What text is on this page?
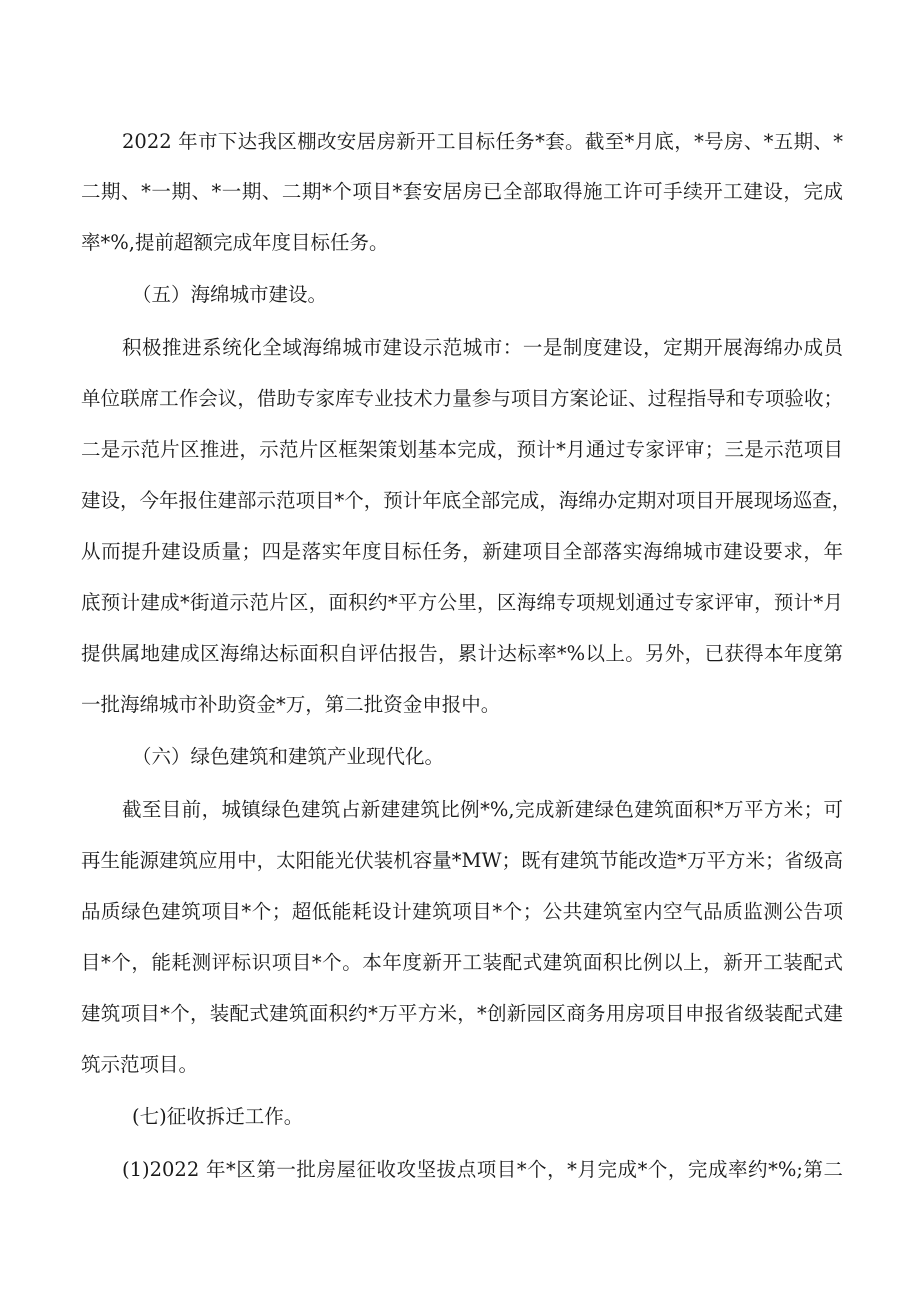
2022 年市下达我区棚改安居房新开工目标任务*套。截至*月底，*号房、*五期、*
二期、*一期、*一期、二期*个项目*套安居房已全部取得施工许可手续开工建设，完成
率*%,提前超额完成年度目标任务。
（五）海绵城市建设。
积极推进系统化全域海绵城市建设示范城市：一是制度建设，定期开展海绵办成员
单位联席工作会议，借助专家库专业技术力量参与项目方案论证、过程指导和专项验收；
二是示范片区推进，示范片区框架策划基本完成，预计*月通过专家评审；三是示范项目
建设，今年报住建部示范项目*个，预计年底全部完成，海绵办定期对项目开展现场巡查，
从而提升建设质量；四是落实年度目标任务，新建项目全部落实海绵城市建设要求，年
底预计建成*街道示范片区，面积约*平方公里，区海绵专项规划通过专家评审，预计*月
提供属地建成区海绵达标面积自评估报告，累计达标率*%以上。另外，已获得本年度第
一批海绵城市补助资金*万，第二批资金申报中。
（六）绿色建筑和建筑产业现代化。
截至目前，城镇绿色建筑占新建建筑比例*%,完成新建绿色建筑面积*万平方米；可
再生能源建筑应用中，太阳能光伏装机容量*MW；既有建筑节能改造*万平方米；省级高
品质绿色建筑项目*个；超低能耗设计建筑项目*个；公共建筑室内空气品质监测公告项
目*个，能耗测评标识项目*个。本年度新开工装配式建筑面积比例以上，新开工装配式
建筑项目*个，装配式建筑面积约*万平方米，*创新园区商务用房项目申报省级装配式建
筑示范项目。
(七)征收拆迁工作。
(1)2022 年*区第一批房屋征收攻坚拔点项目*个，*月完成*个，完成率约*%;第二
